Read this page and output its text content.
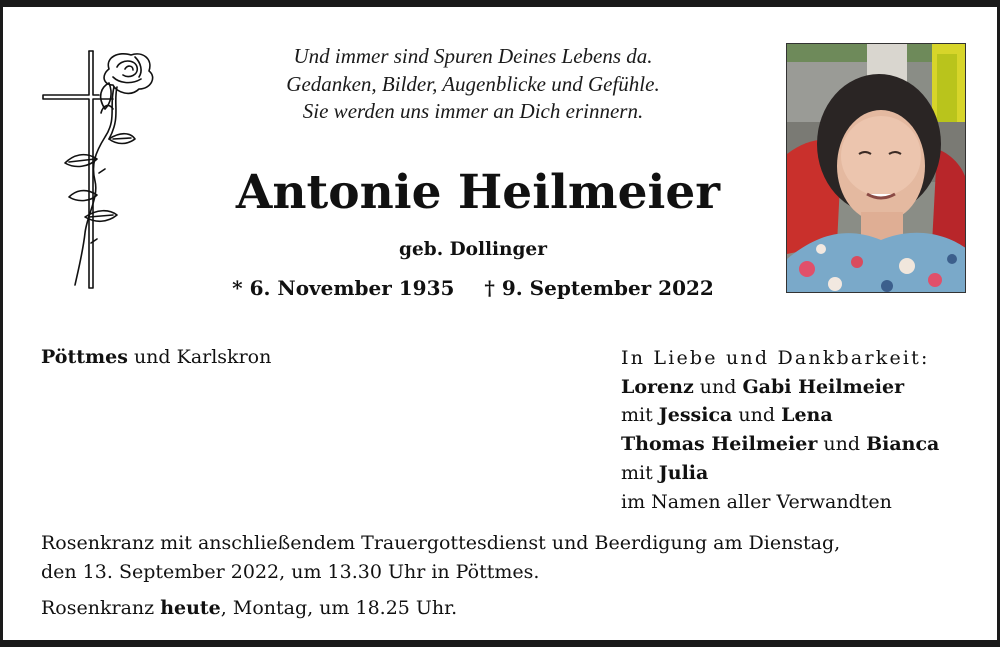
Und immer sind Spuren Deines Lebens da.
Gedanken, Bilder, Augenblicke und Gefühle.
Sie werden uns immer an Dich erinnern.
Antonie Heilmeier
geb. Dollinger
* 6. November 1935 † 9. September 2022
Pöttmes und Karlskron	In Liebe und Dankbarkeit:
Lorenz und Gabi Heilmeier
mit Jessica und Lena
Thomas Heilmeier und Bianca
mit Julia
im Namen aller Verwandten
Rosenkranz mit anschließendem Trauergottesdienst und Beerdigung am Dienstag,
den 13. September 2022, um 13.30 Uhr in Pöttmes.
Rosenkranz heute, Montag, um 18.25 Uhr.
